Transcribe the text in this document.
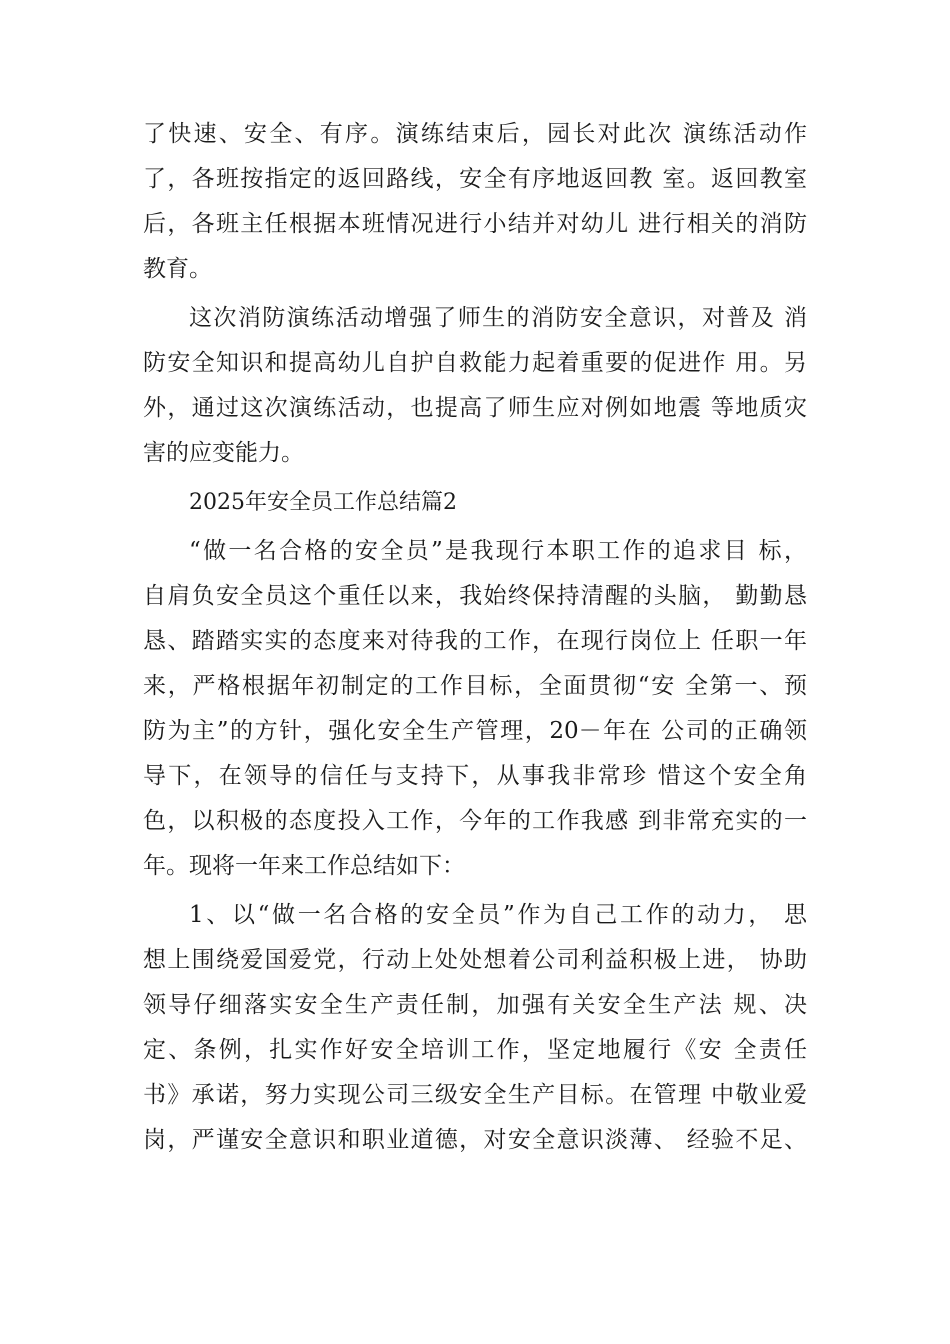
了快速、安全、有序。演练结束后，园长对此次 演练活动作
了，各班按指定的返回路线，安全有序地返回教 室。返回教室
后，各班主任根据本班情况进行小结并对幼儿 进行相关的消防
教育。
这次消防演练活动增强了师生的消防安全意识，对普及 消
防安全知识和提高幼儿自护自救能力起着重要的促进作 用。另
外，通过这次演练活动，也提高了师生应对例如地震 等地质灾
害的应变能力。
2025年安全员工作总结篇2
“做一名合格的安全员”是我现行本职工作的追求目 标，
自肩负安全员这个重任以来，我始终保持清醒的头脑， 勤勤恳
恳、踏踏实实的态度来对待我的工作，在现行岗位上 任职一年
来，严格根据年初制定的工作目标，全面贯彻“安 全第一、预
防为主”的方针，强化安全生产管理，20－年在 公司的正确领
导下，在领导的信任与支持下，从事我非常珍 惜这个安全角
色，以积极的态度投入工作，今年的工作我感 到非常充实的一
年。现将一年来工作总结如下：
1、以“做一名合格的安全员”作为自己工作的动力， 思
想上围绕爱国爱党，行动上处处想着公司利益积极上进， 协助
领导仔细落实安全生产责任制，加强有关安全生产法 规、决
定、条例，扎实作好安全培训工作，坚定地履行《安 全责任
书》承诺，努力实现公司三级安全生产目标。在管理 中敬业爱
岗，严谨安全意识和职业道德，对安全意识淡薄、 经验不足、
